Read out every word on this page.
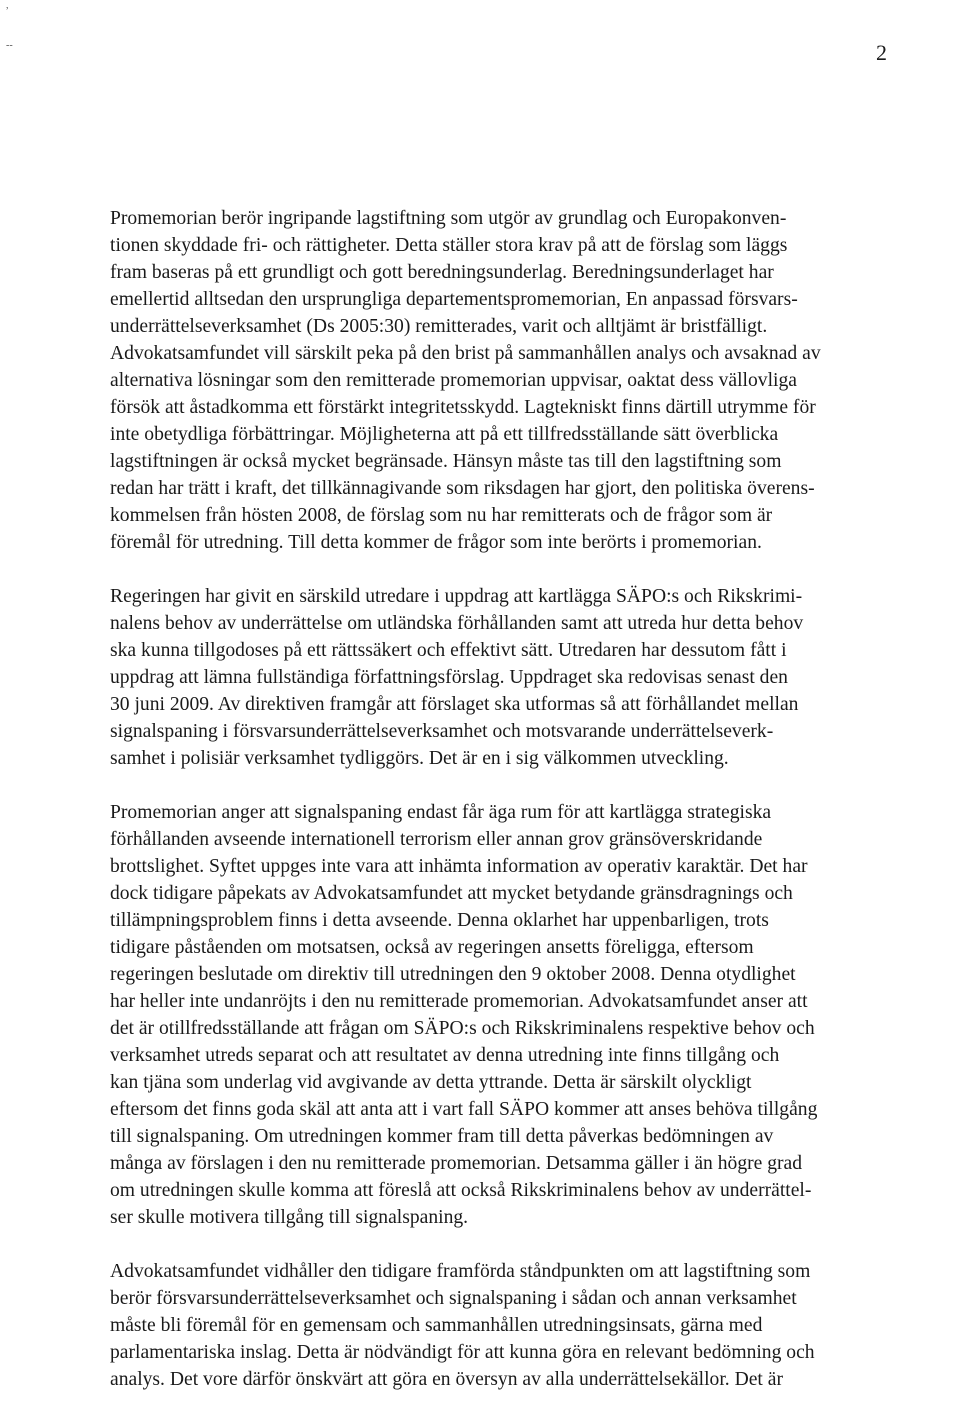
,
--	2
Promemorian berör ingripande lagstiftning som utgör av grundlag och Europakonven-
tionen skyddade fri- och rättigheter. Detta ställer stora krav på att de förslag som läggs
fram baseras på ett grundligt och gott beredningsunderlag. Beredningsunderlaget har
emellertid alltsedan den ursprungliga departementspromemorian, En anpassad försvars-
underrättelseverksamhet (Ds 2005:30) remitterades, varit och alltjämt är bristfälligt.
Advokatsamfundet vill särskilt peka på den brist på sammanhållen analys och avsaknad av
alternativa lösningar som den remitterade promemorian uppvisar, oaktat dess vällovliga
försök att åstadkomma ett förstärkt integritetsskydd. Lagtekniskt finns därtill utrymme för
inte obetydliga förbättringar. Möjligheterna att på ett tillfredsställande sätt överblicka
lagstiftningen är också mycket begränsade. Hänsyn måste tas till den lagstiftning som
redan har trätt i kraft, det tillkännagivande som riksdagen har gjort, den politiska överens-
kommelsen från hösten 2008, de förslag som nu har remitterats och de frågor som är
föremål för utredning. Till detta kommer de frågor som inte berörts i promemorian.
Regeringen har givit en särskild utredare i uppdrag att kartlägga SÄPO:s och Rikskrimi-
nalens behov av underrättelse om utländska förhållanden samt att utreda hur detta behov
ska kunna tillgodoses på ett rättssäkert och effektivt sätt. Utredaren har dessutom fått i
uppdrag att lämna fullständiga författningsförslag. Uppdraget ska redovisas senast den
30 juni 2009. Av direktiven framgår att förslaget ska utformas så att förhållandet mellan
signalspaning i försvarsunderrättelseverksamhet och motsvarande underrättelseverk-
samhet i polisiär verksamhet tydliggörs. Det är en i sig välkommen utveckling.
Promemorian anger att signalspaning endast får äga rum för att kartlägga strategiska
förhållanden avseende internationell terrorism eller annan grov gränsöverskridande
brottslighet. Syftet uppges inte vara att inhämta information av operativ karaktär. Det har
dock tidigare påpekats av Advokatsamfundet att mycket betydande gränsdragnings och
tillämpningsproblem finns i detta avseende. Denna oklarhet har uppenbarligen, trots
tidigare påståenden om motsatsen, också av regeringen ansetts föreligga, eftersom
regeringen beslutade om direktiv till utredningen den 9 oktober 2008. Denna otydlighet
har heller inte undanröjts i den nu remitterade promemorian. Advokatsamfundet anser att
det är otillfredsställande att frågan om SÄPO:s och Rikskriminalens respektive behov och
verksamhet utreds separat och att resultatet av denna utredning inte finns tillgång och
kan tjäna som underlag vid avgivande av detta yttrande. Detta är särskilt olyckligt
eftersom det finns goda skäl att anta att i vart fall SÄPO kommer att anses behöva tillgång
till signalspaning. Om utredningen kommer fram till detta påverkas bedömningen av
många av förslagen i den nu remitterade promemorian. Detsamma gäller i än högre grad
om utredningen skulle komma att föreslå att också Rikskriminalens behov av underrättel-
ser skulle motivera tillgång till signalspaning.
Advokatsamfundet vidhåller den tidigare framförda ståndpunkten om att lagstiftning som
berör försvarsunderrättelseverksamhet och signalspaning i sådan och annan verksamhet
måste bli föremål för en gemensam och sammanhållen utredningsinsats, gärna med
parlamentariska inslag. Detta är nödvändigt för att kunna göra en relevant bedömning och
analys. Det vore därför önskvärt att göra en översyn av alla underrättelsekällor. Det är
